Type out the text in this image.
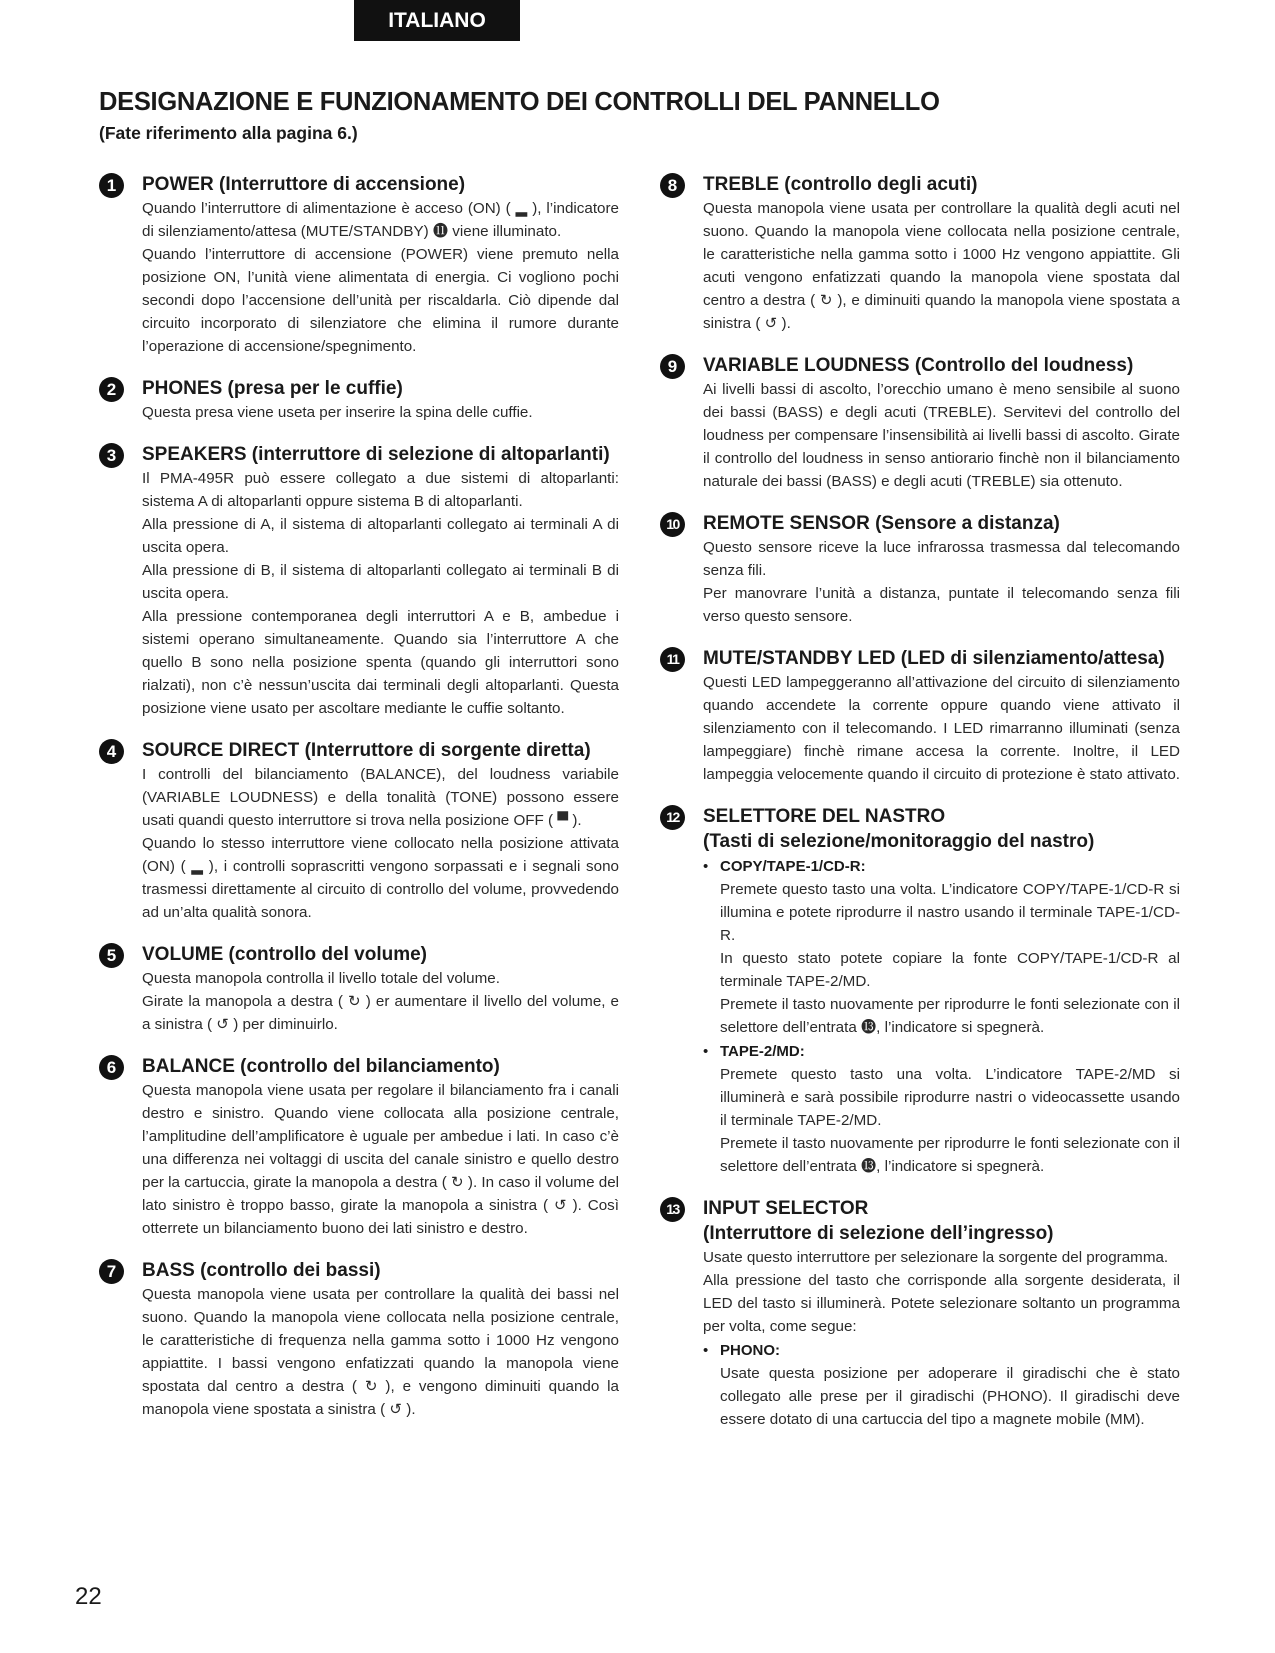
ITALIANO
DESIGNAZIONE E FUNZIONAMENTO DEI CONTROLLI DEL PANNELLO

(Fate riferimento alla pagina 6.)

1	POWER (Interruttore di accensione)

Quando l’interruttore di alimentazione è acceso (ON) ( ▂ ), l’indicatore di silenziamento/attesa (MUTE/STANDBY) ⓫ viene illuminato.

Quando l’interruttore di accensione (POWER) viene premuto nella posizione ON, l’unità viene alimentata di energia. Ci vogliono pochi secondi dopo l’accensione dell’unità per riscaldarla. Ciò dipende dal circuito incorporato di silenziatore che elimina il rumore durante l’operazione di accensione/spegnimento.

2	PHONES (presa per le cuffie)

Questa presa viene useta per inserire la spina delle cuffie.

3	SPEAKERS (interruttore di selezione di altoparlanti)

Il PMA-495R può essere collegato a due sistemi di altoparlanti: sistema A di altoparlanti oppure sistema B di altoparlanti.

Alla pressione di A, il sistema di altoparlanti collegato ai terminali A di uscita opera.

Alla pressione di B, il sistema di altoparlanti collegato ai terminali B di uscita opera.

Alla pressione contemporanea degli interruttori A e B, ambedue i sistemi operano simultaneamente. Quando sia l’interruttore A che quello B sono nella posizione spenta (quando gli interruttori sono rialzati), non c’è nessun’uscita dai terminali degli altoparlanti. Questa posizione viene usato per ascoltare mediante le cuffie soltanto.

4	SOURCE DIRECT (Interruttore di sorgente diretta)

I controlli del bilanciamento (BALANCE), del loudness variabile (VARIABLE LOUDNESS) e della tonalità (TONE) possono essere usati quandi questo interruttore si trova nella posizione OFF ( ▀ ).

Quando lo stesso interruttore viene collocato nella posizione attivata (ON) ( ▂ ), i controlli soprascritti vengono sorpassati e i segnali sono trasmessi direttamente al circuito di controllo del volume, provvedendo ad un’alta qualità sonora.

5	VOLUME (controllo del volume)

Questa manopola controlla il livello totale del volume.

Girate la manopola a destra ( ↻ ) er aumentare il livello del volume, e a sinistra ( ↺ ) per diminuirlo.

6	BALANCE (controllo del bilanciamento)

Questa manopola viene usata per regolare il bilanciamento fra i canali destro e sinistro. Quando viene collocata alla posizione centrale, l’amplitudine dell’amplificatore è uguale per ambedue i lati. In caso c’è una differenza nei voltaggi di uscita del canale sinistro e quello destro per la cartuccia, girate la manopola a destra ( ↻ ). In caso il volume del lato sinistro è troppo basso, girate la manopola a sinistra ( ↺ ). Così otterrete un bilanciamento buono dei lati sinistro e destro.

7	BASS (controllo dei bassi)

Questa manopola viene usata per controllare la qualità dei bassi nel suono. Quando la manopola viene collocata nella posizione centrale, le caratteristiche di frequenza nella gamma sotto i 1000 Hz vengono appiattite. I bassi vengono enfatizzati quando la manopola viene spostata dal centro a destra ( ↻ ), e vengono diminuiti quando la manopola viene spostata a sinistra ( ↺ ).

8	TREBLE (controllo degli acuti)

Questa manopola viene usata per controllare la qualità degli acuti nel suono. Quando la manopola viene collocata nella posizione centrale, le caratteristiche nella gamma sotto i 1000 Hz vengono appiattite. Gli acuti vengono enfatizzati quando la manopola viene spostata dal centro a destra ( ↻ ), e diminuiti quando la manopola viene spostata a sinistra ( ↺ ).

9	VARIABLE LOUDNESS (Controllo del loudness)

Ai livelli bassi di ascolto, l’orecchio umano è meno sensibile al suono dei bassi (BASS) e degli acuti (TREBLE). Servitevi del controllo del loudness per compensare l’insensibilità ai livelli bassi di ascolto. Girate il controllo del loudness in senso antiorario finchè non il bilanciamento naturale dei bassi (BASS) e degli acuti (TREBLE) sia ottenuto.

10	REMOTE SENSOR (Sensore a distanza)

Questo sensore riceve la luce infrarossa trasmessa dal telecomando senza fili.

Per manovrare l’unità a distanza, puntate il telecomando senza fili verso questo sensore.

11	MUTE/STANDBY LED (LED di silenziamento/attesa)

Questi LED lampeggeranno all’attivazione del circuito di silenziamento quando accendete la corrente oppure quando viene attivato il silenziamento con il telecomando. I LED rimarranno illuminati (senza lampeggiare) finchè rimane accesa la corrente. Inoltre, il LED lampeggia velocemente quando il circuito di protezione è stato attivato.

12	SELETTORE DEL NASTRO

(Tasti di selezione/monitoraggio del nastro)

• COPY/TAPE-1/CD-R:

Premete questo tasto una volta. L’indicatore COPY/TAPE-1/CD-R si illumina e potete riprodurre il nastro usando il terminale TAPE-1/CD-R.

In questo stato potete copiare la fonte COPY/TAPE-1/CD-R al terminale TAPE-2/MD.

Premete il tasto nuovamente per riprodurre le fonti selezionate con il selettore dell’entrata ⓭, l’indicatore si spegnerà.

• TAPE-2/MD:

Premete questo tasto una volta. L’indicatore TAPE-2/MD si illuminerà e sarà possibile riprodurre nastri o videocassette usando il terminale TAPE-2/MD.

Premete il tasto nuovamente per riprodurre le fonti selezionate con il selettore dell’entrata ⓭, l’indicatore si spegnerà.

13	INPUT SELECTOR

(Interruttore di selezione dell’ingresso)

Usate questo interruttore per selezionare la sorgente del programma.

Alla pressione del tasto che corrisponde alla sorgente desiderata, il LED del tasto si illuminerà. Potete selezionare soltanto un programma per volta, come segue:

• PHONO:

Usate questa posizione per adoperare il giradischi che è stato collegato alle prese per il giradischi (PHONO). Il giradischi deve essere dotato di una cartuccia del tipo a magnete mobile (MM).

22
